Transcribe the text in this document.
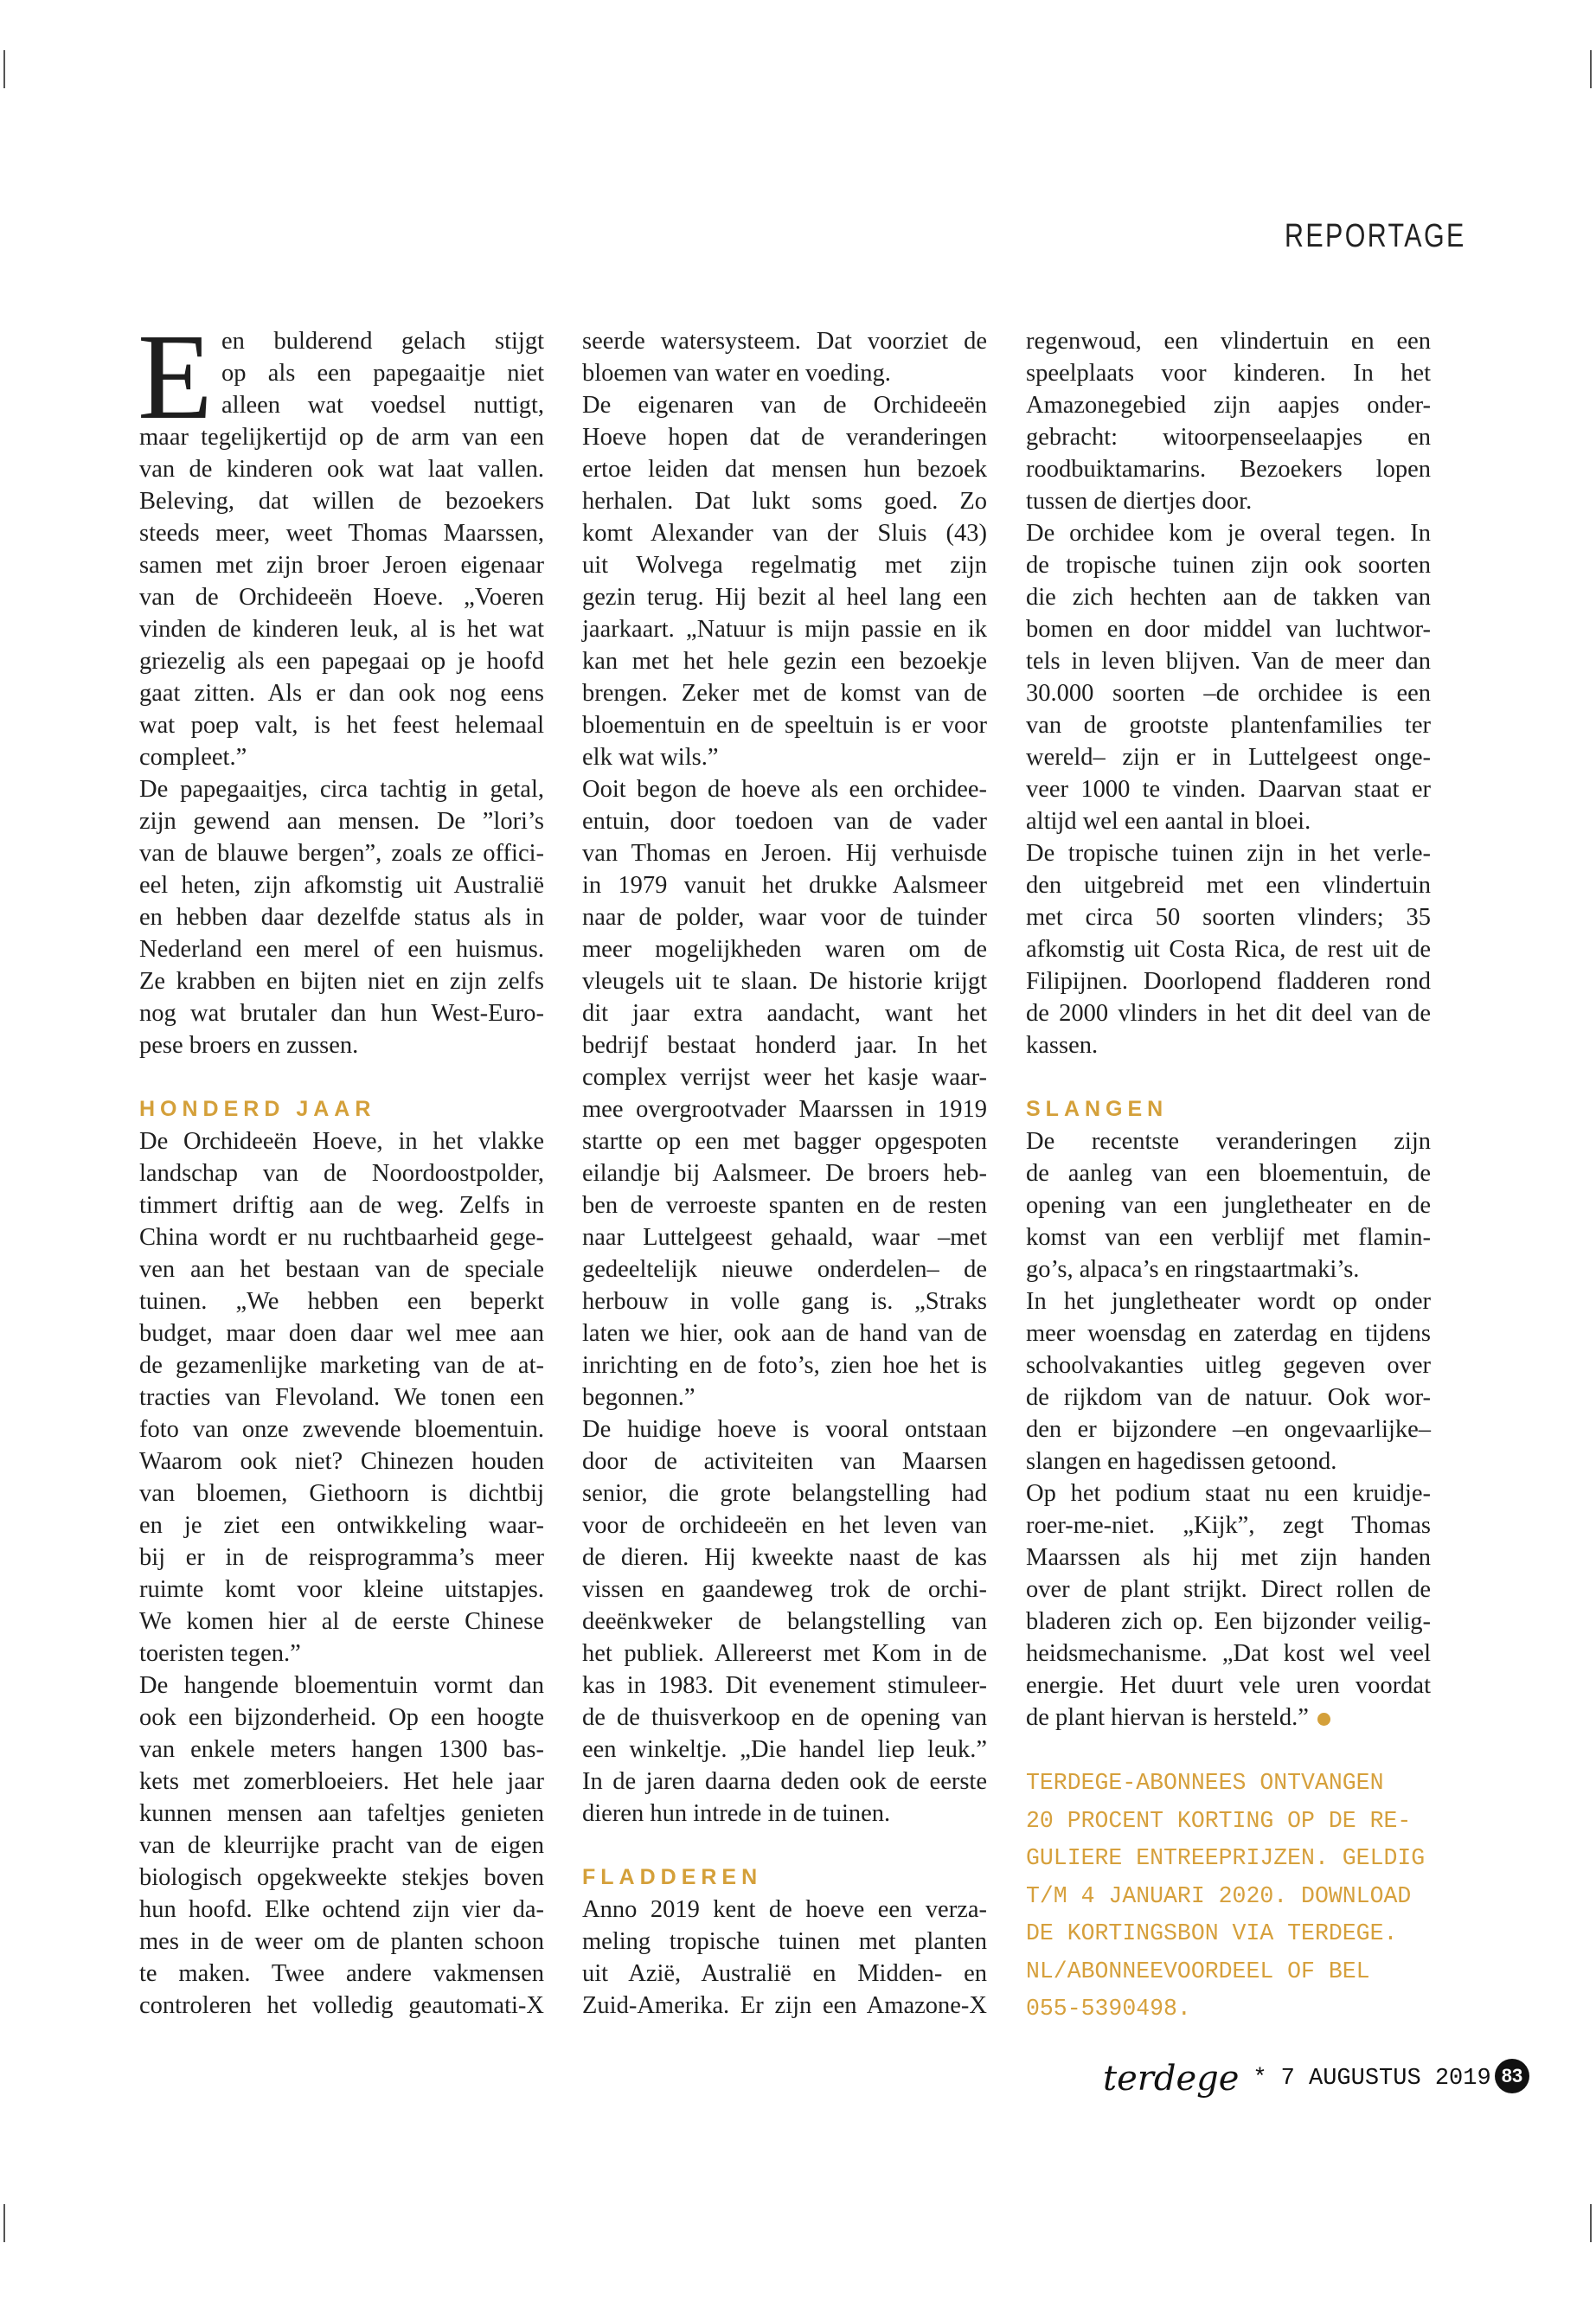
REPORTAGE
E en bulderend gelach stijgt
op als een papegaaitje niet
alleen wat voedsel nuttigt,
maar tegelijkertijd op de arm van een
van de kinderen ook wat laat vallen.
Beleving, dat willen de bezoekers
steeds meer, weet Thomas Maarssen,
samen met zijn broer Jeroen eigenaar
van de Orchideeën Hoeve. „Voeren
vinden de kinderen leuk, al is het wat
griezelig als een papegaai op je hoofd
gaat zitten. Als er dan ook nog eens
wat poep valt, is het feest helemaal
compleet.”
De papegaaitjes, circa tachtig in getal,
zijn gewend aan mensen. De ”lori’s
van de blauwe bergen”, zoals ze offici-
eel heten, zijn afkomstig uit Australië
en hebben daar dezelfde status als in
Nederland een merel of een huismus.
Ze krabben en bijten niet en zijn zelfs
nog wat brutaler dan hun West-Euro-
pese broers en zussen.
HONDERD JAAR
De Orchideeën Hoeve, in het vlakke
landschap van de Noordoostpolder,
timmert driftig aan de weg. Zelfs in
China wordt er nu ruchtbaarheid gege-
ven aan het bestaan van de speciale
tuinen. „We hebben een beperkt
budget, maar doen daar wel mee aan
de gezamenlijke marketing van de at-
tracties van Flevoland. We tonen een
foto van onze zwevende bloementuin.
Waarom ook niet? Chinezen houden
van bloemen, Giethoorn is dichtbij
en je ziet een ontwikkeling waar-
bij er in de reisprogramma’s meer
ruimte komt voor kleine uitstapjes.
We komen hier al de eerste Chinese
toeristen tegen.”
De hangende bloementuin vormt dan
ook een bijzonderheid. Op een hoogte
van enkele meters hangen 1300 bas-
kets met zomerbloeiers. Het hele jaar
kunnen mensen aan tafeltjes genieten
van de kleurrijke pracht van de eigen
biologisch opgekweekte stekjes boven
hun hoofd. Elke ochtend zijn vier da-
mes in de weer om de planten schoon
te maken. Twee andere vakmensen
controleren het volledig geautomati-X
seerde watersysteem. Dat voorziet de
bloemen van water en voeding.
De eigenaren van de Orchideeën
Hoeve hopen dat de veranderingen
ertoe leiden dat mensen hun bezoek
herhalen. Dat lukt soms goed. Zo
komt Alexander van der Sluis (43)
uit Wolvega regelmatig met zijn
gezin terug. Hij bezit al heel lang een
jaarkaart. „Natuur is mijn passie en ik
kan met het hele gezin een bezoekje
brengen. Zeker met de komst van de
bloementuin en de speeltuin is er voor
elk wat wils.”
Ooit begon de hoeve als een orchidee-
entuin, door toedoen van de vader
van Thomas en Jeroen. Hij verhuisde
in 1979 vanuit het drukke Aalsmeer
naar de polder, waar voor de tuinder
meer mogelijkheden waren om de
vleugels uit te slaan. De historie krijgt
dit jaar extra aandacht, want het
bedrijf bestaat honderd jaar. In het
complex verrijst weer het kasje waar-
mee overgrootvader Maarssen in 1919
startte op een met bagger opgespoten
eilandje bij Aalsmeer. De broers heb-
ben de verroeste spanten en de resten
naar Luttelgeest gehaald, waar –met
gedeeltelijk nieuwe onderdelen– de
herbouw in volle gang is. „Straks
laten we hier, ook aan de hand van de
inrichting en de foto’s, zien hoe het is
begonnen.”
De huidige hoeve is vooral ontstaan
door de activiteiten van Maarsen
senior, die grote belangstelling had
voor de orchideeën en het leven van
de dieren. Hij kweekte naast de kas
vissen en gaandeweg trok de orchi-
deeënkweker de belangstelling van
het publiek. Allereerst met Kom in de
kas in 1983. Dit evenement stimuleer-
de de thuisverkoop en de opening van
een winkeltje. „Die handel liep leuk.”
In de jaren daarna deden ook de eerste
dieren hun intrede in de tuinen.
FLADDEREN
Anno 2019 kent de hoeve een verza-
meling tropische tuinen met planten
uit Azië, Australië en Midden- en
Zuid-Amerika. Er zijn een Amazone-X
regenwoud, een vlindertuin en een
speelplaats voor kinderen. In het
Amazonegebied zijn aapjes onder-
gebracht: witoorpenseelaapjes en
roodbuiktamarins. Bezoekers lopen
tussen de diertjes door.
De orchidee kom je overal tegen. In
de tropische tuinen zijn ook soorten
die zich hechten aan de takken van
bomen en door middel van luchtwor-
tels in leven blijven. Van de meer dan
30.000 soorten –de orchidee is een
van de grootste plantenfamilies ter
wereld– zijn er in Luttelgeest onge-
veer 1000 te vinden. Daarvan staat er
altijd wel een aantal in bloei.
De tropische tuinen zijn in het verle-
den uitgebreid met een vlindertuin
met circa 50 soorten vlinders; 35
afkomstig uit Costa Rica, de rest uit de
Filipijnen. Doorlopend fladderen rond
de 2000 vlinders in het dit deel van de
kassen.
SLANGEN
De recentste veranderingen zijn
de aanleg van een bloementuin, de
opening van een jungletheater en de
komst van een verblijf met flamin-
go’s, alpaca’s en ringstaartmaki’s.
In het jungletheater wordt op onder
meer woensdag en zaterdag en tijdens
schoolvakanties uitleg gegeven over
de rijkdom van de natuur. Ook wor-
den er bijzondere –en ongevaarlijke–
slangen en hagedissen getoond.
Op het podium staat nu een kruidje-
roer-me-niet. „Kijk”, zegt Thomas
Maarssen als hij met zijn handen
over de plant strijkt. Direct rollen de
bladeren zich op. Een bijzonder veilig-
heidsmechanisme. „Dat kost wel veel
energie. Het duurt vele uren voordat
de plant hiervan is hersteld.”
TERDEGE-ABONNEES ONTVANGEN
20 PROCENT KORTING OP DE RE-
GULIERE ENTREEPRIJZEN. GELDIG
T/M 4 JANUARI 2020. DOWNLOAD
DE KORTINGSBON VIA TERDEGE.
NL/ABONNEEVOORDEEL OF BEL
055-5390498.
terdege * 7 AUGUSTUS 2019 83
